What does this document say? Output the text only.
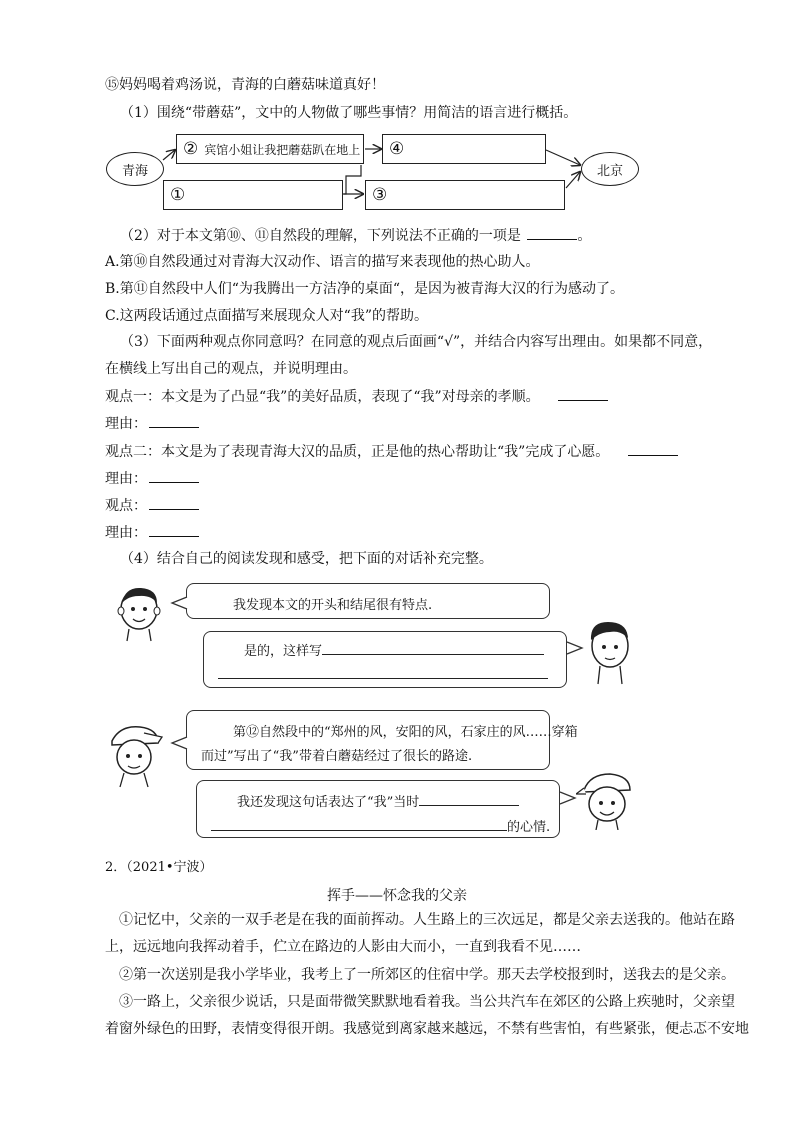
⑮妈妈喝着鸡汤说，青海的白蘑菇味道真好！
（1）围绕“带蘑菇”，文中的人物做了哪些事情？用简洁的语言进行概括。
青海	北京
② 宾馆小姐让我把蘑菇趴在地上 ④
①	③
（2）对于本文第⑩、⑪自然段的理解，下列说法不正确的一项是	。
A.第⑩自然段通过对青海大汉动作、语言的描写来表现他的热心助人。
B.第⑪自然段中人们“为我腾出一方洁净的桌面“，是因为被青海大汉的行为感动了。
C.这两段话通过点面描写来展现众人对“我”的帮助。
（3）下面两种观点你同意吗？在同意的观点后面画“√”，并结合内容写出理由。如果都不同意，
在横线上写出自己的观点，并说明理由。
观点一：本文是为了凸显“我”的美好品质，表现了“我”对母亲的孝顺。
理由：
观点二：本文是为了表现青海大汉的品质，正是他的热心帮助让“我”完成了心愿。
理由：
观点：
理由：
（4）结合自己的阅读发现和感受，把下面的对话补充完整。
我发现本文的开头和结尾很有特点.
是的，这样写
第⑫自然段中的“郑州的风，安阳的风，石家庄的风……穿箱
而过”写出了“我”带着白蘑菇经过了很长的路途.
我还发现这句话表达了“我”当时
的心情.
2．（2021•宁波）
挥手——怀念我的父亲
①记忆中，父亲的一双手老是在我的面前挥动。人生路上的三次远足，都是父亲去送我的。他站在路
上，远远地向我挥动着手，伫立在路边的人影由大而小，一直到我看不见……
②第一次送别是我小学毕业，我考上了一所郊区的住宿中学。那天去学校报到时，送我去的是父亲。
③一路上，父亲很少说话，只是面带微笑默默地看着我。当公共汽车在郊区的公路上疾驰时，父亲望
着窗外绿色的田野，表情变得很开朗。我感觉到离家越来越远，不禁有些害怕，有些紧张，便忐忑不安地
